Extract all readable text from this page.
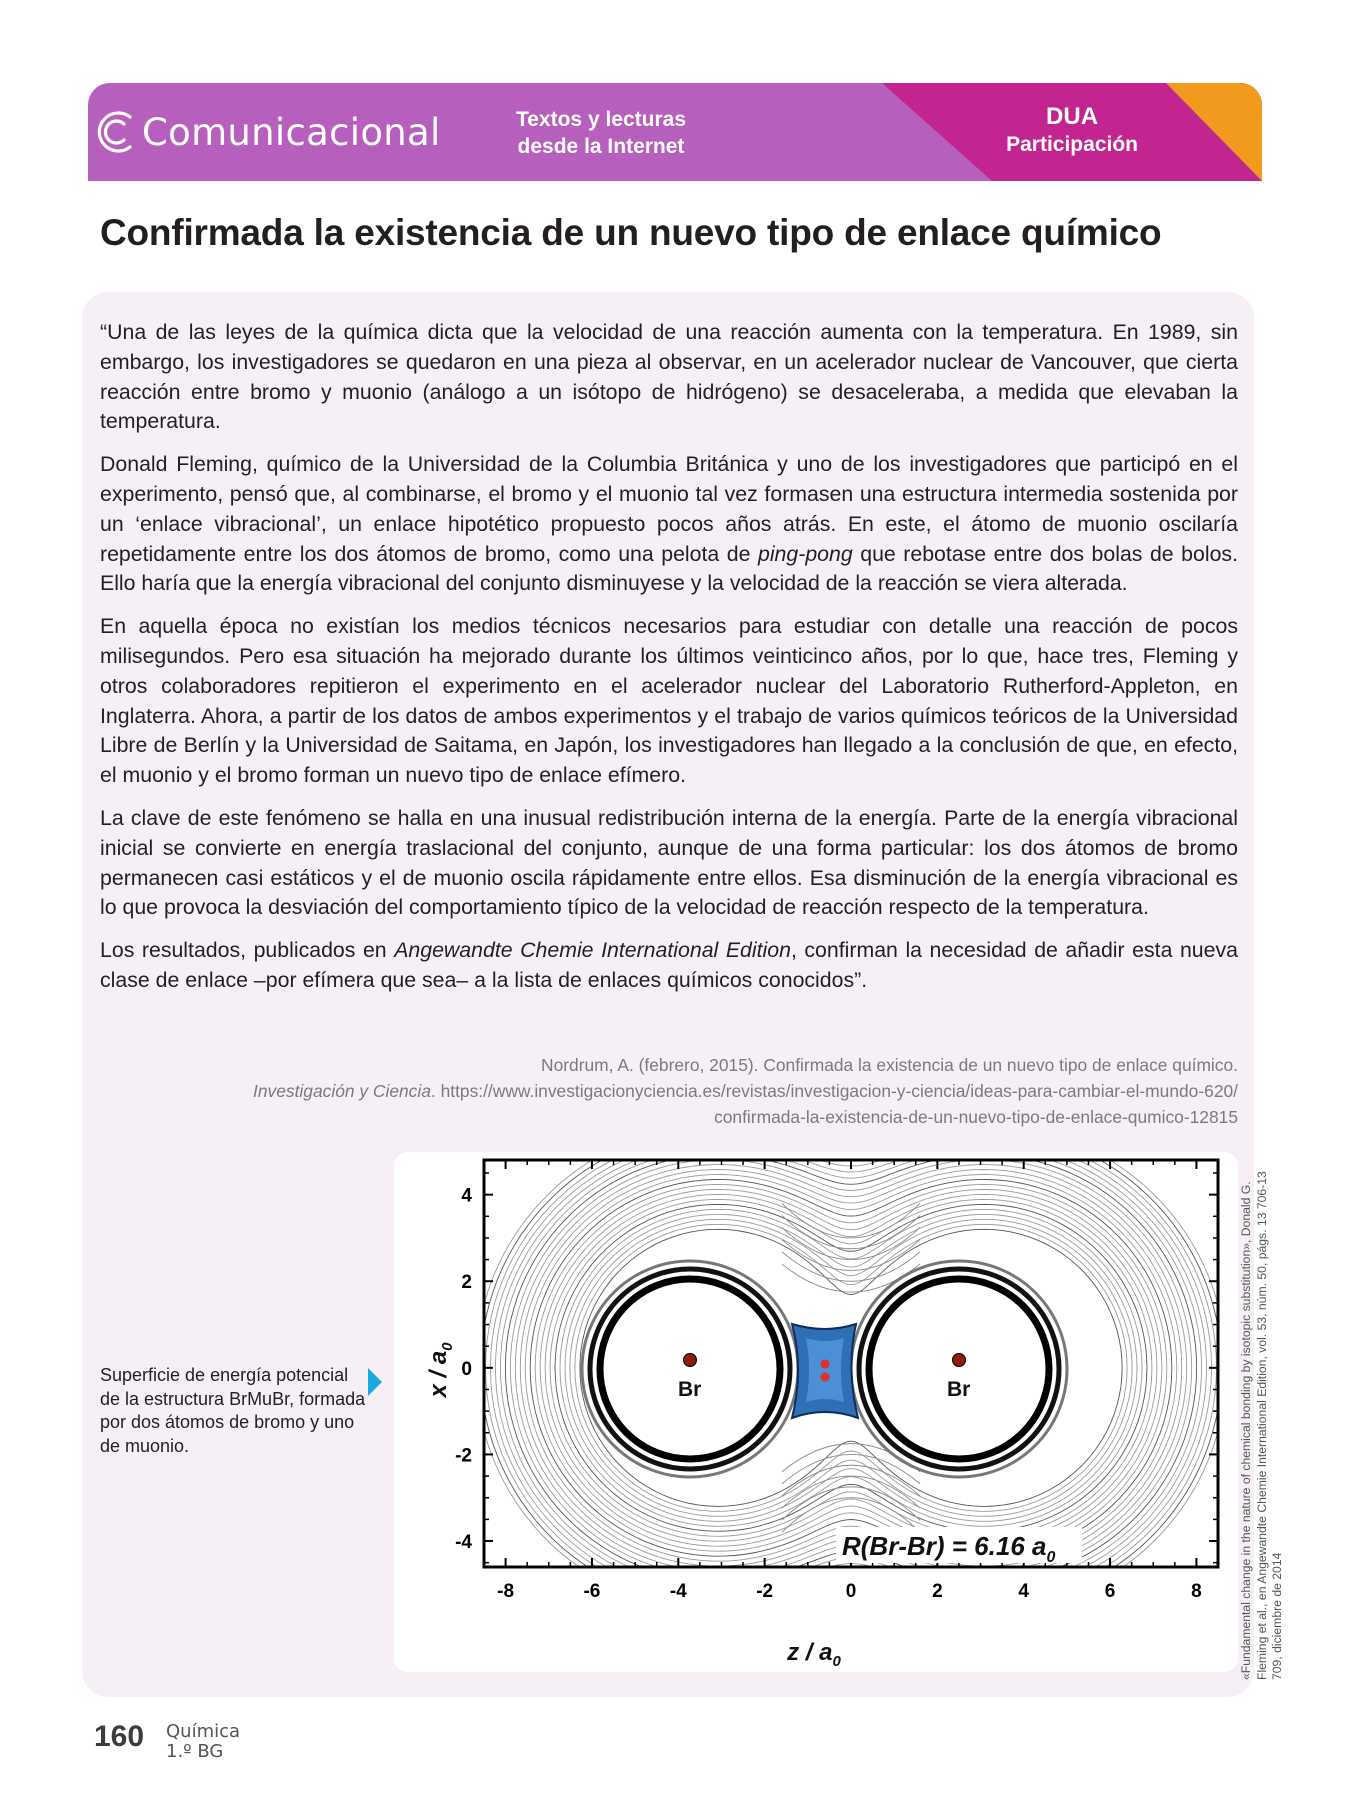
Comunicacional	Textos y lecturas
desde la Internet
DUA
Participación
Confirmada la existencia de un nuevo tipo de enlace químico

“Una de las leyes de la química dicta que la velocidad de una reacción aumenta con la temperatura. En 1989, sin embargo, los investigadores se quedaron en una pieza al observar, en un acelerador nuclear de Vancouver, que cierta reacción entre bromo y muonio (análogo a un isótopo de hidrógeno) se desaceleraba, a medida que elevaban la temperatura.

Donald Fleming, químico de la Universidad de la Columbia Británica y uno de los investigadores que participó en el experimento, pensó que, al combinarse, el bromo y el muonio tal vez formasen una estructura intermedia sostenida por un ‘enlace vibracional’, un enlace hipotético propuesto pocos años atrás. En este, el átomo de muonio oscilaría repetidamente entre los dos átomos de bromo, como una pelota de ping-pong que rebotase entre dos bolas de bolos. Ello haría que la energía vibracional del conjunto disminuyese y la velocidad de la reacción se viera alterada.

En aquella época no existían los medios técnicos necesarios para estudiar con detalle una reacción de pocos milisegundos. Pero esa situación ha mejorado durante los últimos veinticinco años, por lo que, hace tres, Fleming y otros colaboradores repitieron el experimento en el acelerador nuclear del Laboratorio Rutherford-Appleton, en Inglaterra. Ahora, a partir de los datos de ambos experimentos y el trabajo de varios químicos teóricos de la Universidad Libre de Berlín y la Universidad de Saitama, en Japón, los investigadores han llegado a la conclusión de que, en efecto, el muonio y el bromo forman un nuevo tipo de enlace efímero.

La clave de este fenómeno se halla en una inusual redistribución interna de la energía. Parte de la energía vibracional inicial se convierte en energía traslacional del conjunto, aunque de una forma particular: los dos átomos de bromo permanecen casi estáticos y el de muonio oscila rápidamente entre ellos. Esa disminución de la energía vibracional es lo que provoca la desviación del comportamiento típico de la velocidad de reacción respecto de la temperatura.

Los resultados, publicados en Angewandte Chemie International Edition, confirman la necesidad de añadir esta nueva clase de enlace –por efímera que sea– a la lista de enlaces químicos conocidos”.

Nordrum, A. (febrero, 2015). Confirmada la existencia de un nuevo tipo de enlace químico.
Investigación y Ciencia. https://www.investigacionyciencia.es/revistas/investigacion-y-ciencia/ideas-para-cambiar-el-mundo-620/
confirmada-la-existencia-de-un-nuevo-tipo-de-enlace-qumico-12815
Br	Br
-8	-6	-4	-2	0	2	4	6	8
4
2
0
-2
-4	R(Br-Br) = 6.16 $a_0$
x / $a_0$
z / $a_0$
Superficie de energía potencial de la estructura BrMuBr, formada por dos átomos de bromo y uno de muonio.	«Fundamental change in the nature of chemical bonding by isotopic substitution», Donald G. Fleming et al., en Angewandte Chemie International Edition, vol. 53, núm. 50, págs. 13 706-13 709, diciembre de 2014
160 Química
1.º BG
